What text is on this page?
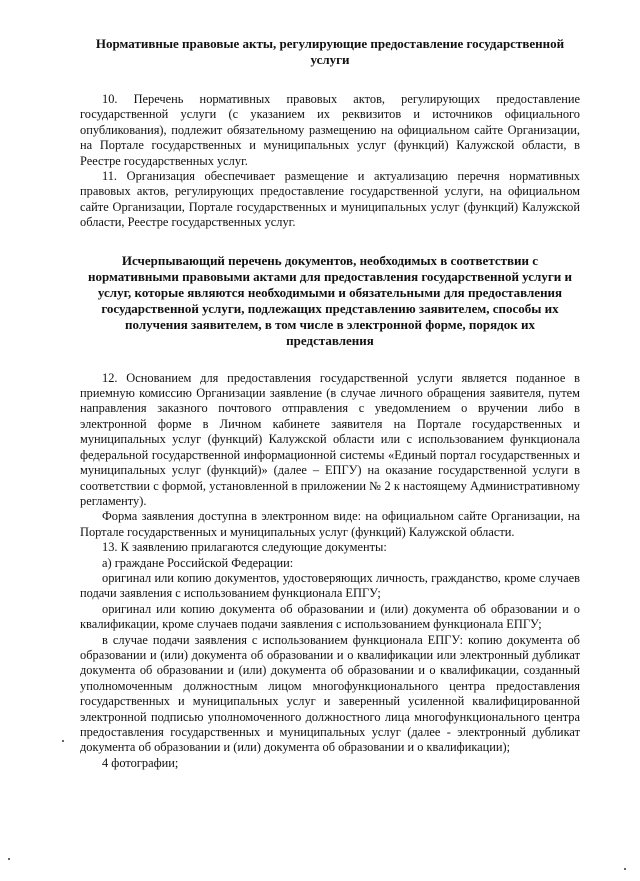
Нормативные правовые акты, регулирующие предоставление государственной услуги

10. Перечень нормативных правовых актов, регулирующих предоставление государственной услуги (с указанием их реквизитов и источников официального опубликования), подлежит обязательному размещению на официальном сайте Организации, на Портале государственных и муниципальных услуг (функций) Калужской области, в Реестре государственных услуг.

11. Организация обеспечивает размещение и актуализацию перечня нормативных правовых актов, регулирующих предоставление государственной услуги, на официальном сайте Организации, Портале государственных и муниципальных услуг (функций) Калужской области, Реестре государственных услуг.

Исчерпывающий перечень документов, необходимых в соответствии с нормативными правовыми актами для предоставления государственной услуги и услуг, которые являются необходимыми и обязательными для предоставления государственной услуги, подлежащих представлению заявителем, способы их получения заявителем, в том числе в электронной форме, порядок их представления

12. Основанием для предоставления государственной услуги является поданное в приемную комиссию Организации заявление (в случае личного обращения заявителя, путем направления заказного почтового отправления с уведомлением о вручении либо в электронной форме в Личном кабинете заявителя на Портале государственных и муниципальных услуг (функций) Калужской области или с использованием функционала федеральной государственной информационной системы «Единый портал государственных и муниципальных услуг (функций)» (далее – ЕПГУ) на оказание государственной услуги в соответствии с формой, установленной в приложении № 2 к настоящему Административному регламенту).

Форма заявления доступна в электронном виде: на официальном сайте Организации, на Портале государственных и муниципальных услуг (функций) Калужской области.

13. К заявлению прилагаются следующие документы:

а) граждане Российской Федерации:

оригинал или копию документов, удостоверяющих личность, гражданство, кроме случаев подачи заявления с использованием функционала ЕПГУ;

оригинал или копию документа об образовании и (или) документа об образовании и о квалификации, кроме случаев подачи заявления с использованием функционала ЕПГУ;

в случае подачи заявления с использованием функционала ЕПГУ: копию документа об образовании и (или) документа об образовании и о квалификации или электронный дубликат документа об образовании и (или) документа об образовании и о квалификации, созданный уполномоченным должностным лицом многофункционального центра предоставления государственных и муниципальных услуг и заверенный усиленной квалифицированной электронной подписью уполномоченного должностного лица многофункционального центра предоставления государственных и муниципальных услуг (далее - электронный дубликат документа об образовании и (или) документа об образовании и о квалификации);

4 фотографии;
